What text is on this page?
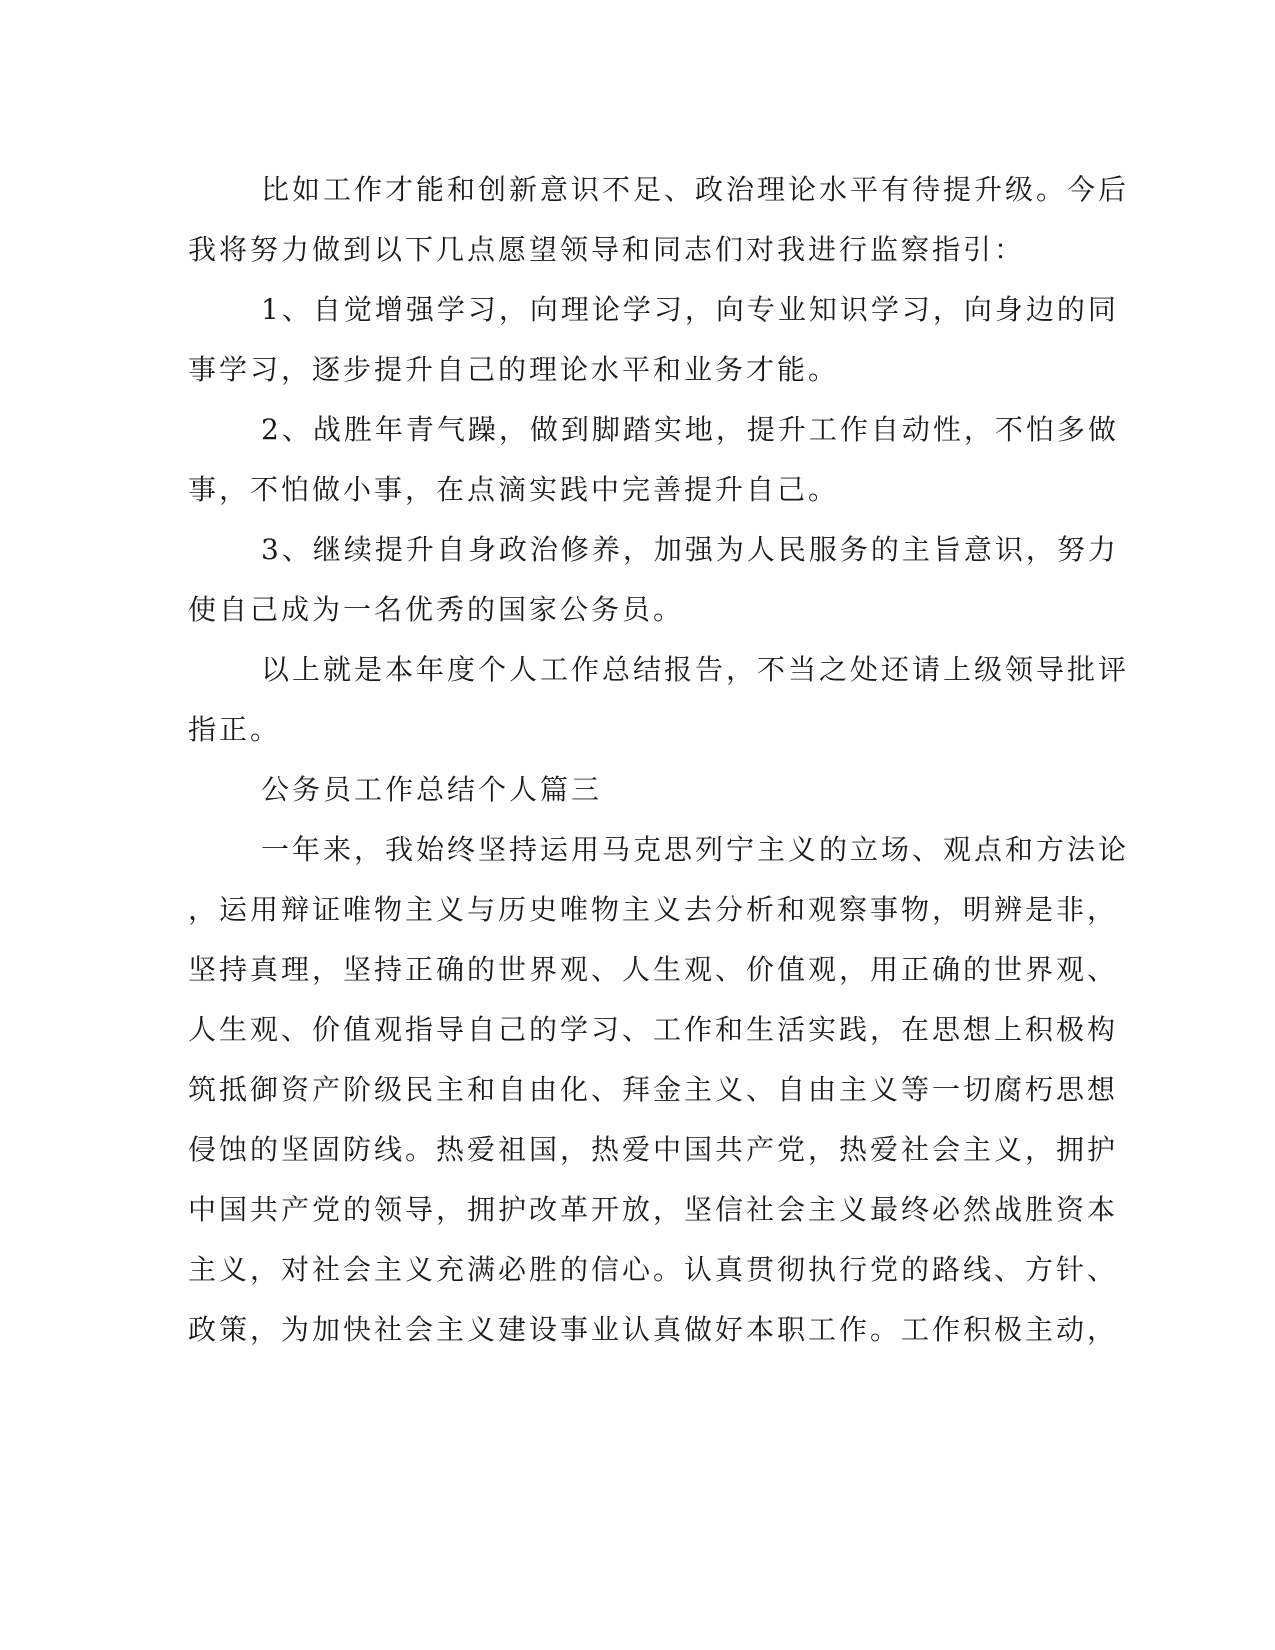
比如工作才能和创新意识不足、政治理论水平有待提升级。今后
我将努力做到以下几点愿望领导和同志们对我进行监察指引：
1、自觉增强学习，向理论学习，向专业知识学习，向身边的同
事学习，逐步提升自己的理论水平和业务才能。
2、战胜年青气躁，做到脚踏实地，提升工作自动性，不怕多做
事，不怕做小事，在点滴实践中完善提升自己。
3、继续提升自身政治修养，加强为人民服务的主旨意识，努力
使自己成为一名优秀的国家公务员。
以上就是本年度个人工作总结报告，不当之处还请上级领导批评
指正。
公务员工作总结个人篇三
一年来，我始终坚持运用马克思列宁主义的立场、观点和方法论
，运用辩证唯物主义与历史唯物主义去分析和观察事物，明辨是非，
坚持真理，坚持正确的世界观、人生观、价值观，用正确的世界观、
人生观、价值观指导自己的学习、工作和生活实践，在思想上积极构
筑抵御资产阶级民主和自由化、拜金主义、自由主义等一切腐朽思想
侵蚀的坚固防线。热爱祖国，热爱中国共产党，热爱社会主义，拥护
中国共产党的领导，拥护改革开放，坚信社会主义最终必然战胜资本
主义，对社会主义充满必胜的信心。认真贯彻执行党的路线、方针、
政策，为加快社会主义建设事业认真做好本职工作。工作积极主动，
